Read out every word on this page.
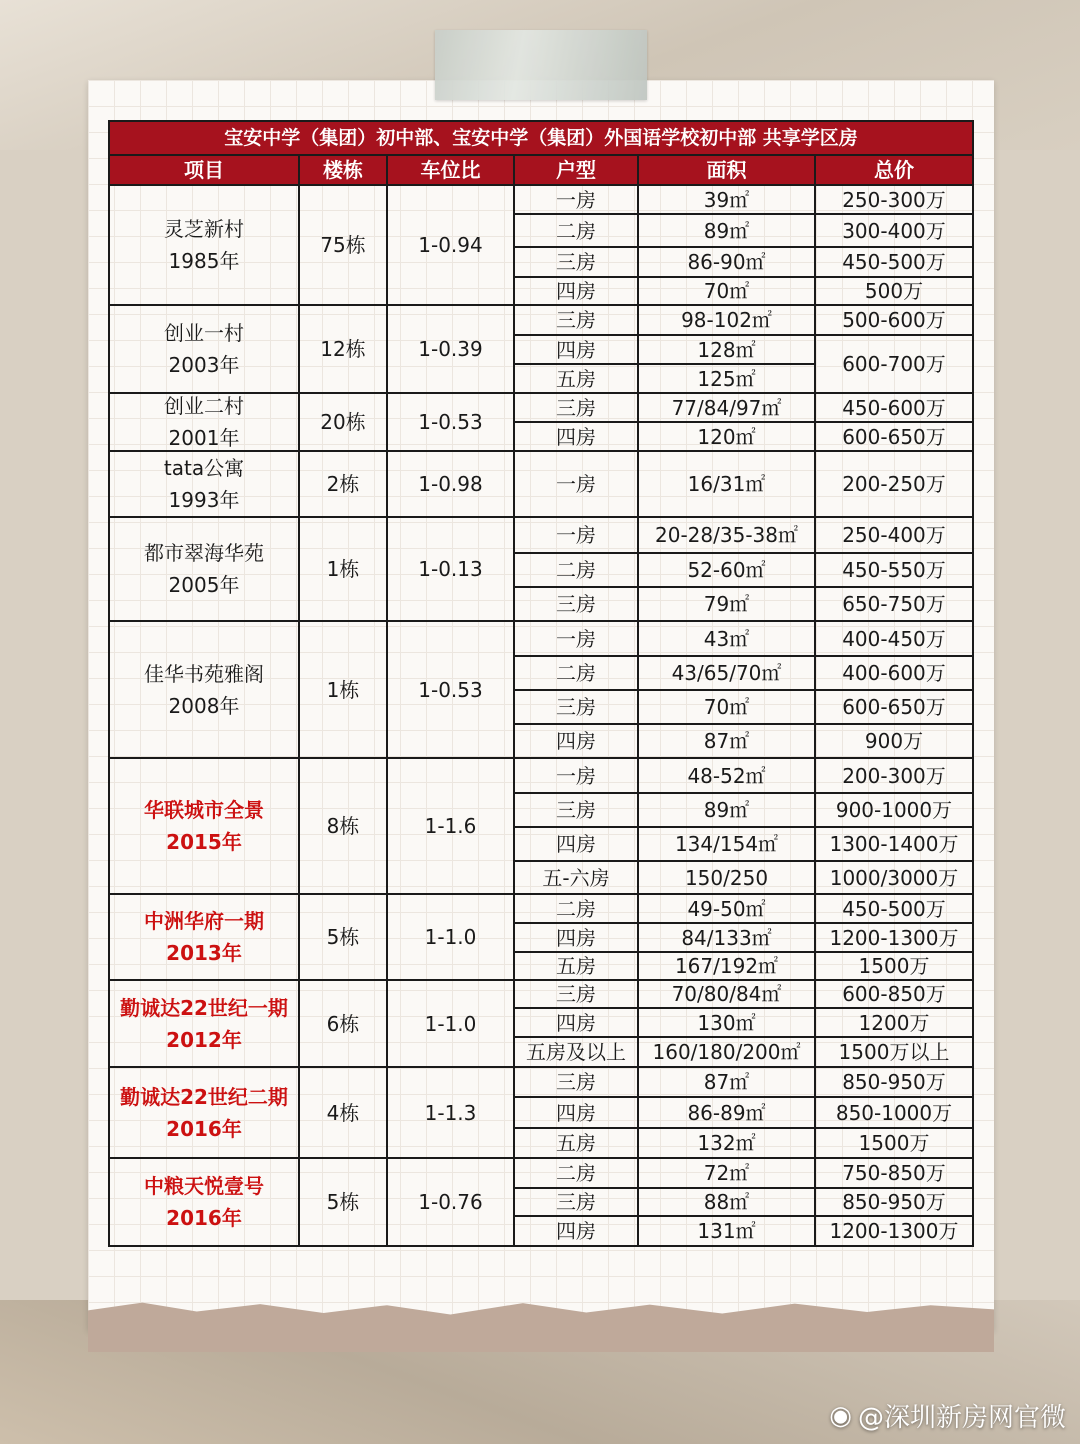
宝安中学（集团）初中部、宝安中学（集团）外国语学校初中部 共享学区房					
项目	楼栋	车位比	户型	面积	总价

灵芝新村
1985年	75栋	1-0.94	一房	39㎡	250-300万
			二房	89㎡	300-400万
			三房	86-90㎡	450-500万
			四房	70㎡	500万

创业一村
2003年	12栋	1-0.39	三房	98-102㎡	500-600万
			四房	128㎡	600-700万
			五房	125㎡	

创业二村
2001年	20栋	1-0.53	三房	77/84/97㎡	450-600万
			四房	120㎡	600-650万

tata公寓
1993年	2栋	1-0.98	一房	16/31㎡	200-250万

都市翠海华苑
2005年	1栋	1-0.13	一房	20-28/35-38㎡	250-400万
			二房	52-60㎡	450-550万
			三房	79㎡	650-750万

佳华书苑雅阁
2008年	1栋	1-0.53	一房	43㎡	400-450万
			二房	43/65/70㎡	400-600万
			三房	70㎡	600-650万
			四房	87㎡	900万

华联城市全景
2015年	8栋	1-1.6	一房	48-52㎡	200-300万
			三房	89㎡	900-1000万
			四房	134/154㎡	1300-1400万
			五-六房	150/250	1000/3000万

中洲华府一期
2013年	5栋	1-1.0	二房	49-50㎡	450-500万
			四房	84/133㎡	1200-1300万
			五房	167/192㎡	1500万

勤诚达22世纪一期
2012年	6栋	1-1.0	三房	70/80/84㎡	600-850万
			四房	130㎡	1200万
			五房及以上	160/180/200㎡	1500万以上

勤诚达22世纪二期
2016年	4栋	1-1.3	三房	87㎡	850-950万
			四房	86-89㎡	850-1000万
			五房	132㎡	1500万

中粮天悦壹号
2016年	5栋	1-0.76	二房	72㎡	750-850万
			三房	88㎡	850-950万
			四房	131㎡	1200-1300万
◉ @深圳新房网官微
